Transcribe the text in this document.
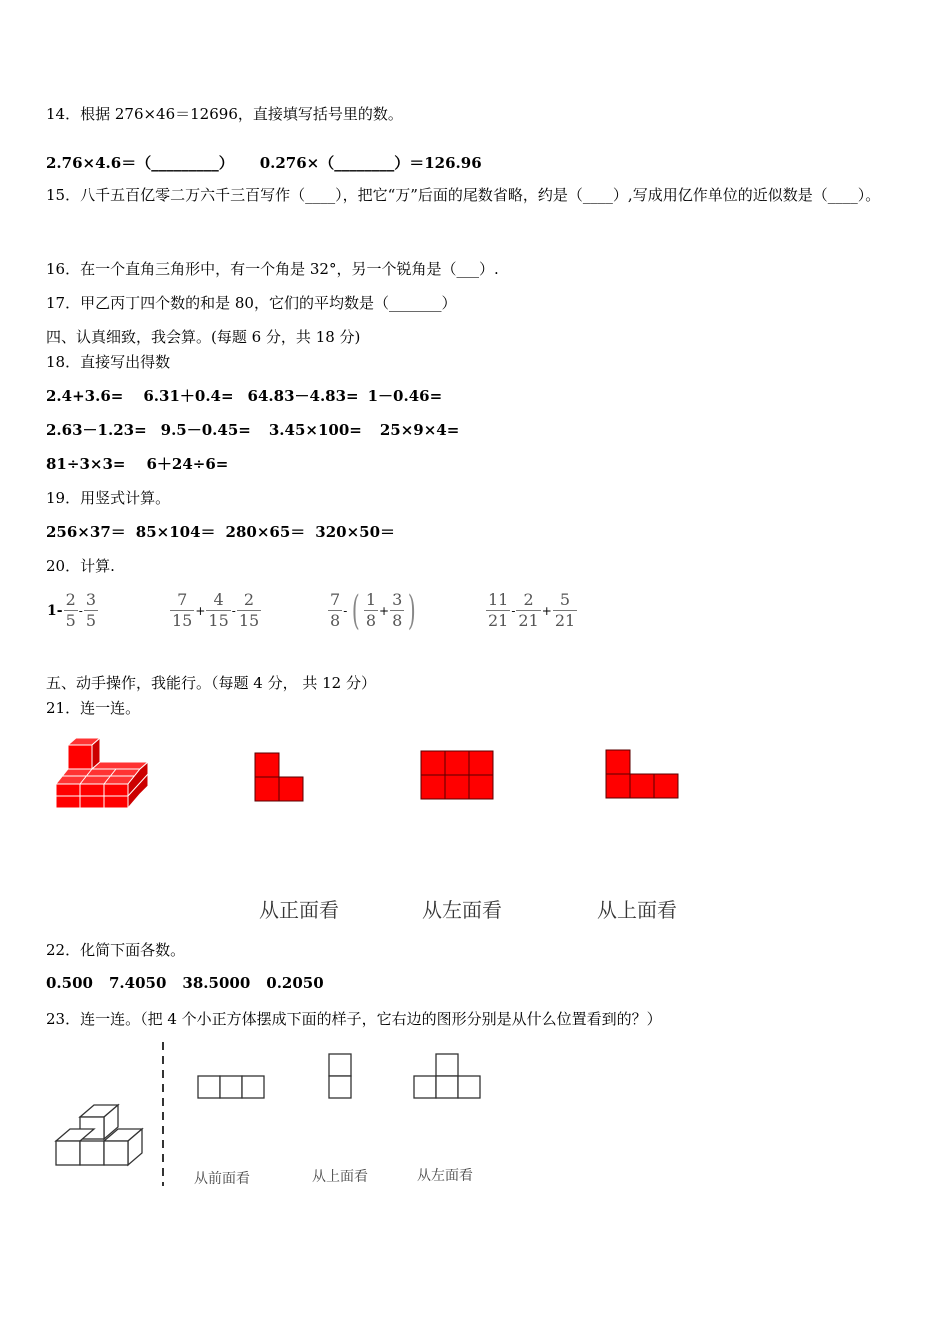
14．根据 276×46＝12696，直接填写括号里的数。
2.76×4.6＝（_________） 0.276×（________）＝126.96
15．八千五百亿零二万六千三百写作（____），把它“万”后面的尾数省略，约是（____）,写成用亿作单位的近似数是（____）。
16．在一个直角三角形中，有一个角是 32°，另一个锐角是（___）.
17．甲乙丙丁四个数的和是 80，它们的平均数是（_______）
四、认真细致，我会算。(每题 6 分，共 18 分)
18．直接写出得数
2.4+3.6= 6.31＋0.4= 64.83－4.83= 1－0.46=
2.63－1.23= 9.5－0.45= 3.45×100= 25×9×4=
81÷3×3= 6＋24÷6=
19．用竖式计算。
256×37＝ 85×104＝ 280×65＝ 320×50＝
20．计算.
$1- \frac{2}{5} - \frac{3}{5}$	$\frac{7}{15} + \frac{4}{15} - \frac{2}{15}$	$\frac{7}{8}$ - ( $\frac{1}{8} + \frac{3}{8}$ )	$\frac{11}{21} - \frac{2}{21} + \frac{5}{21}$
五、动手操作，我能行。（每题 4 分， 共 12 分）
21．连一连。
从正面看	从左面看	从上面看
22．化简下面各数。
0.500 7.4050 38.5000 0.2050
23．连一连。（把 4 个小正方体摆成下面的样子，它右边的图形分别是从什么位置看到的？）
从前面看	从上面看	从左面看
